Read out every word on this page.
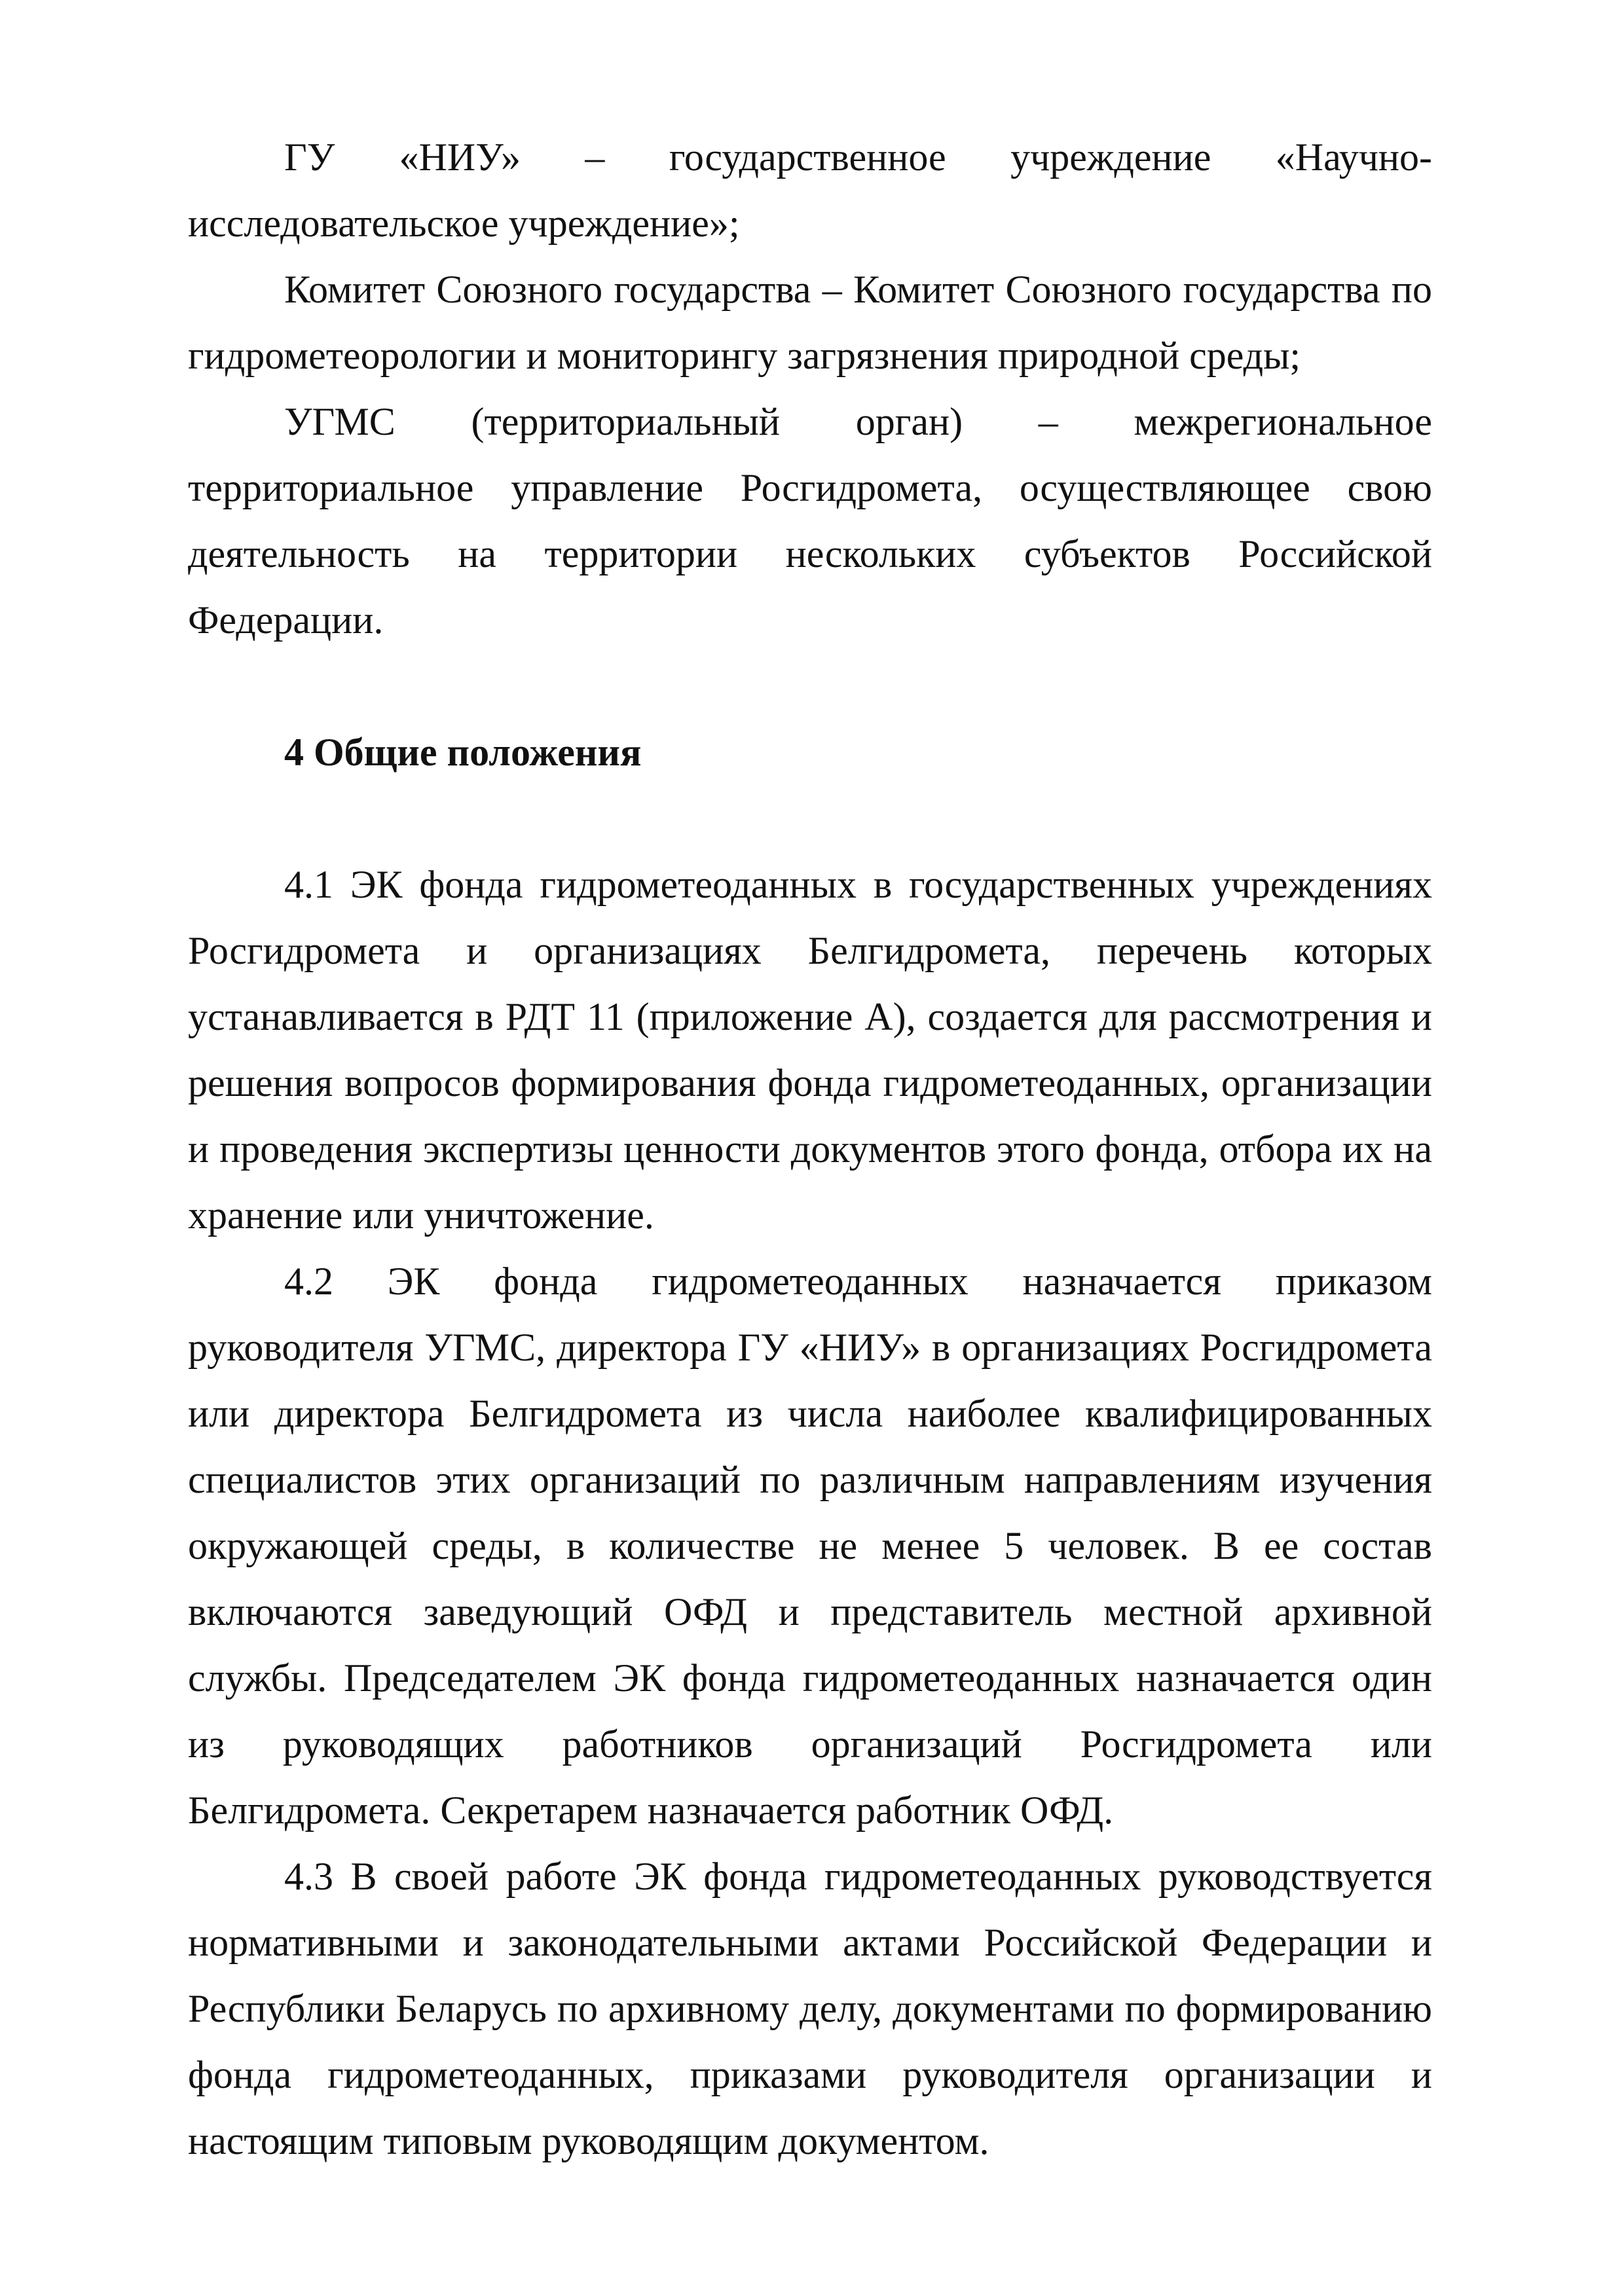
ГУ «НИУ» – государственное учреждение «Научно-исследовательское учреждение»;

Комитет Союзного государства – Комитет Союзного государства по гидрометеорологии и мониторингу загрязнения природной среды;

УГМС (территориальный орган) – межрегиональное территориальное управление Росгидромета, осуществляющее свою деятельность на территории нескольких субъектов Российской Федерации.

4 Общие положения

4.1 ЭК фонда гидрометеоданных в государственных учреждениях Росгидромета и организациях Белгидромета, перечень которых устанавливается в РДТ 11 (приложение А), создается для рассмотрения и решения вопросов формирования фонда гидрометеоданных, организации и проведения экспертизы ценности документов этого фонда, отбора их на хранение или уничтожение.

4.2 ЭК фонда гидрометеоданных назначается приказом руководителя УГМС, директора ГУ «НИУ» в организациях Росгидромета или директора Белгидромета из числа наиболее квалифицированных специалистов этих организаций по различным направлениям изучения окружающей среды, в количестве не менее 5 человек. В ее состав включаются заведующий ОФД и представитель местной архивной службы. Председателем ЭК фонда гидрометеоданных назначается один из руководящих работников организаций Росгидромета или Белгидромета. Секретарем назначается работник ОФД.

4.3 В своей работе ЭК фонда гидрометеоданных руководствуется нормативными и законодательными актами Российской Федерации и Республики Беларусь по архивному делу, документами по формированию фонда гидрометеоданных, приказами руководителя организации и настоящим типовым руководящим документом.
